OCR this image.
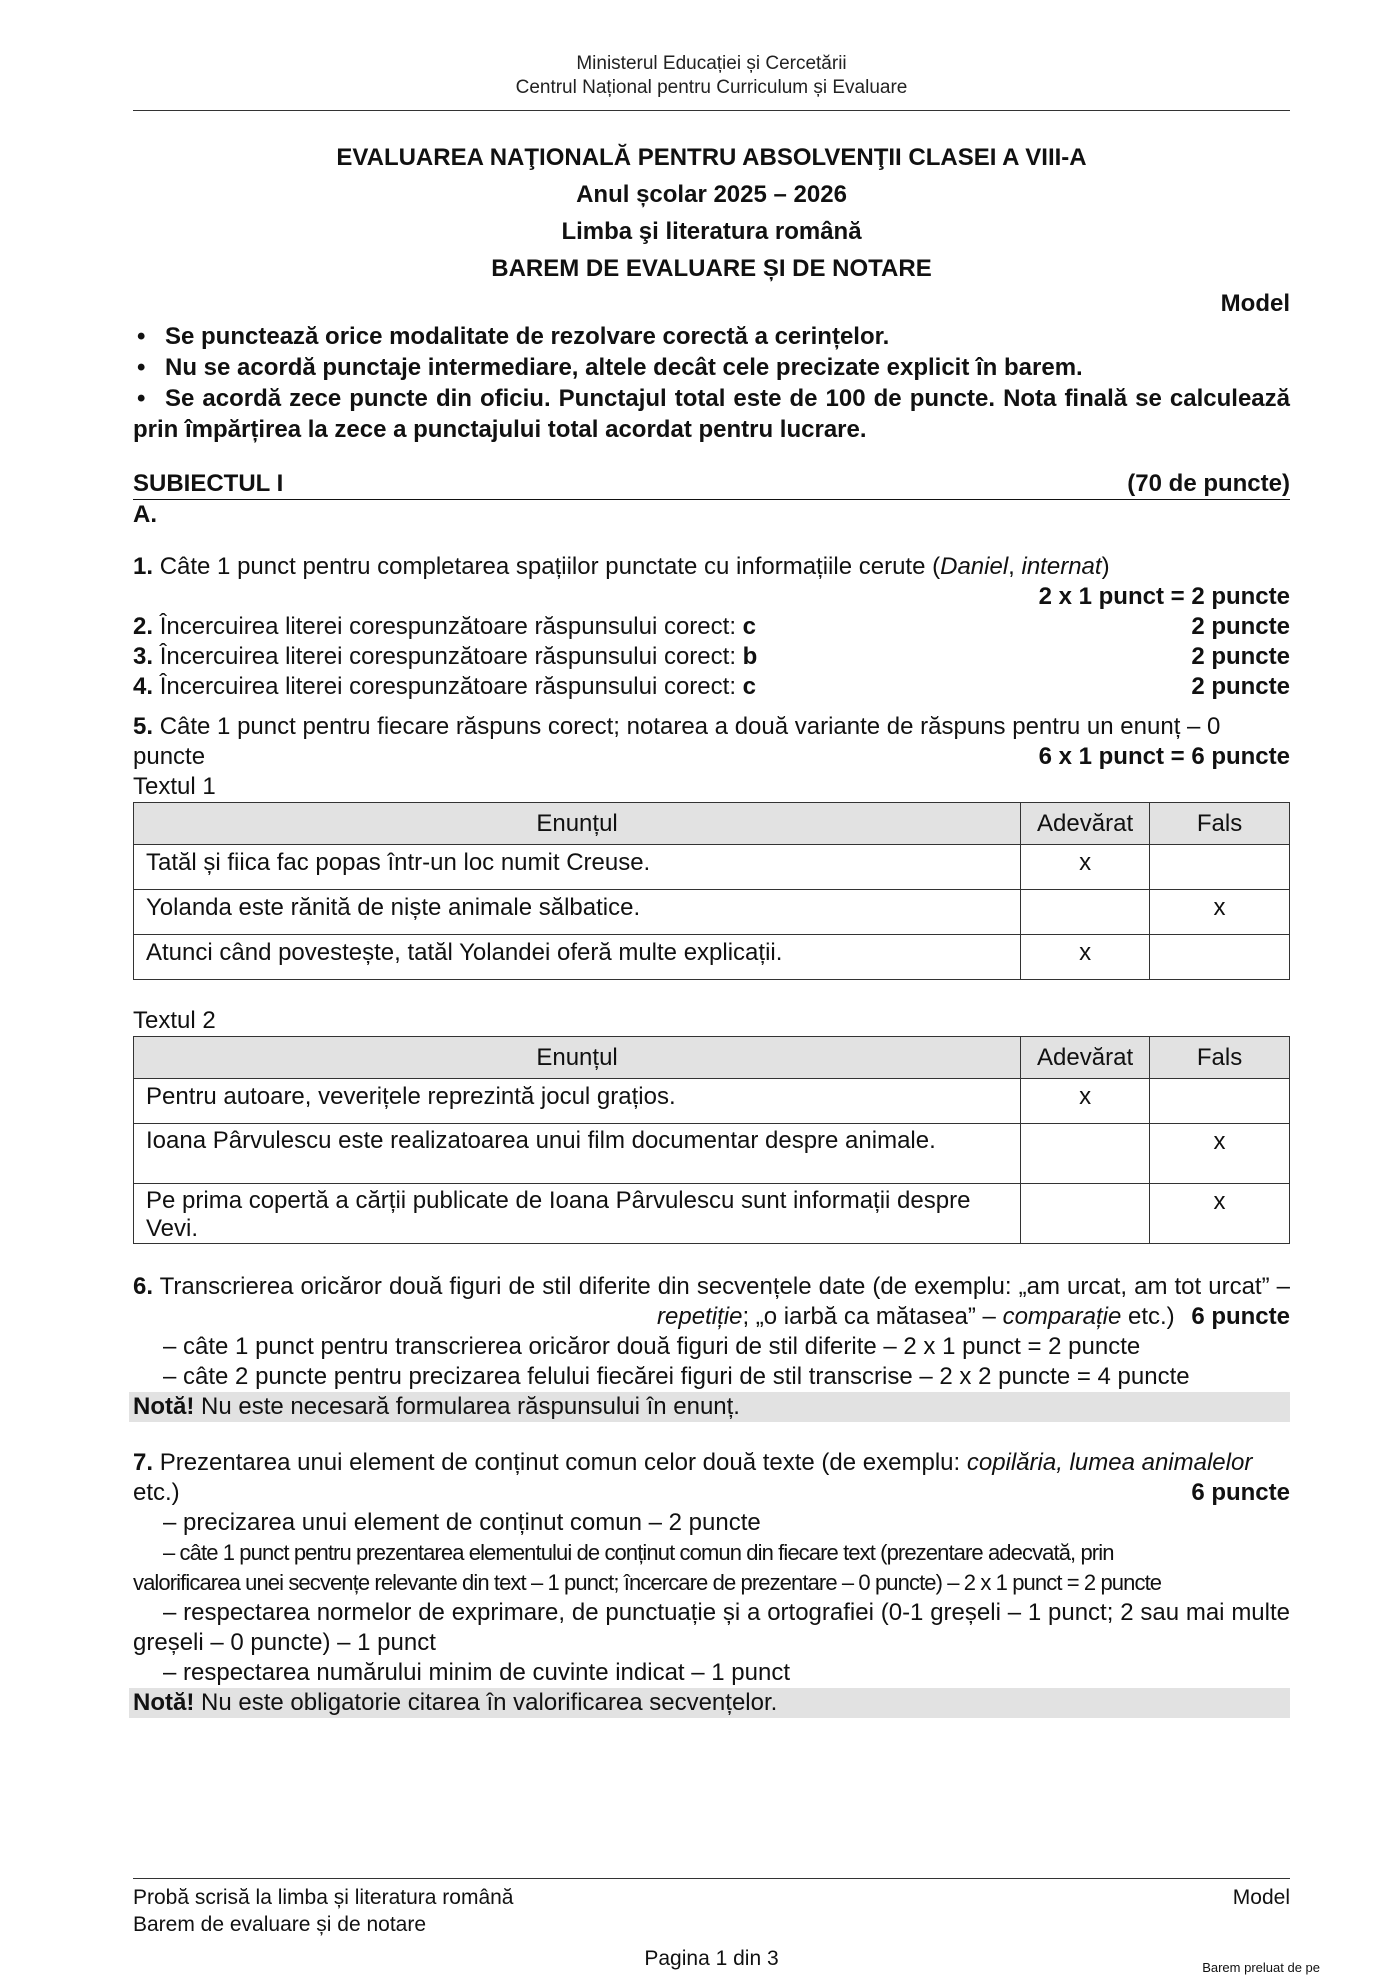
Ministerul Educației și Cercetării
Centrul Național pentru Curriculum și Evaluare
EVALUAREA NAŢIONALĂ PENTRU ABSOLVENŢII CLASEI A VIII-A
Anul școlar 2025 – 2026
Limba şi literatura română
BAREM DE EVALUARE ȘI DE NOTARE
Model
• Se punctează orice modalitate de rezolvare corectă a cerințelor.
• Nu se acordă punctaje intermediare, altele decât cele precizate explicit în barem.
• Se acordă zece puncte din oficiu. Punctajul total este de 100 de puncte. Nota finală se calculează prin împărțirea la zece a punctajului total acordat pentru lucrare.
SUBIECTUL I	(70 de puncte)
A.
1. Câte 1 punct pentru completarea spațiilor punctate cu informațiile cerute (Daniel, internat)
2 x 1 punct = 2 puncte
2. Încercuirea literei corespunzătoare răspunsului corect: c	2 puncte
3. Încercuirea literei corespunzătoare răspunsului corect: b	2 puncte
4. Încercuirea literei corespunzătoare răspunsului corect: c	2 puncte
5. Câte 1 punct pentru fiecare răspuns corect; notarea a două variante de răspuns pentru un enunț – 0
puncte	6 x 1 punct = 6 puncte
Textul 1
Enunțul	Adevărat	Fals
Tatăl și fiica fac popas într-un loc numit Creuse.	x	
Yolanda este rănită de niște animale sălbatice.		x
Atunci când povestește, tatăl Yolandei oferă multe explicații.	x	
Textul 2
Enunțul	Adevărat	Fals
Pentru autoare, veverițele reprezintă jocul grațios.	x	
Ioana Pârvulescu este realizatoarea unui film documentar despre animale.		x
Pe prima copertă a cărții publicate de Ioana Pârvulescu sunt informații despre Vevi.		x
6. Transcrierea oricăror două figuri de stil diferite din secvențele date (de exemplu: „am urcat, am tot urcat” – repetiție; „o iarbă ca mătasea” – comparație etc.) 6 puncte
– câte 1 punct pentru transcrierea oricăror două figuri de stil diferite – 2 x 1 punct = 2 puncte
– câte 2 puncte pentru precizarea felului fiecărei figuri de stil transcrise – 2 x 2 puncte = 4 puncte
Notă! Nu este necesară formularea răspunsului în enunț.
7. Prezentarea unui element de conținut comun celor două texte (de exemplu: copilăria, lumea animalelor
etc.)	6 puncte
– precizarea unui element de conținut comun – 2 puncte
– câte 1 punct pentru prezentarea elementului de conținut comun din fiecare text (prezentare adecvată, prin
valorificarea unei secvențe relevante din text – 1 punct; încercare de prezentare – 0 puncte) – 2 x 1 punct = 2 puncte
– respectarea normelor de exprimare, de punctuație și a ortografiei (0-1 greșeli – 1 punct; 2 sau mai multe greșeli – 0 puncte) – 1 punct
– respectarea numărului minim de cuvinte indicat – 1 punct
Notă! Nu este obligatorie citarea în valorificarea secvențelor.
Probă scrisă la limba și literatura română	Model
Barem de evaluare și de notare
Pagina 1 din 3	Barem preluat de pe
